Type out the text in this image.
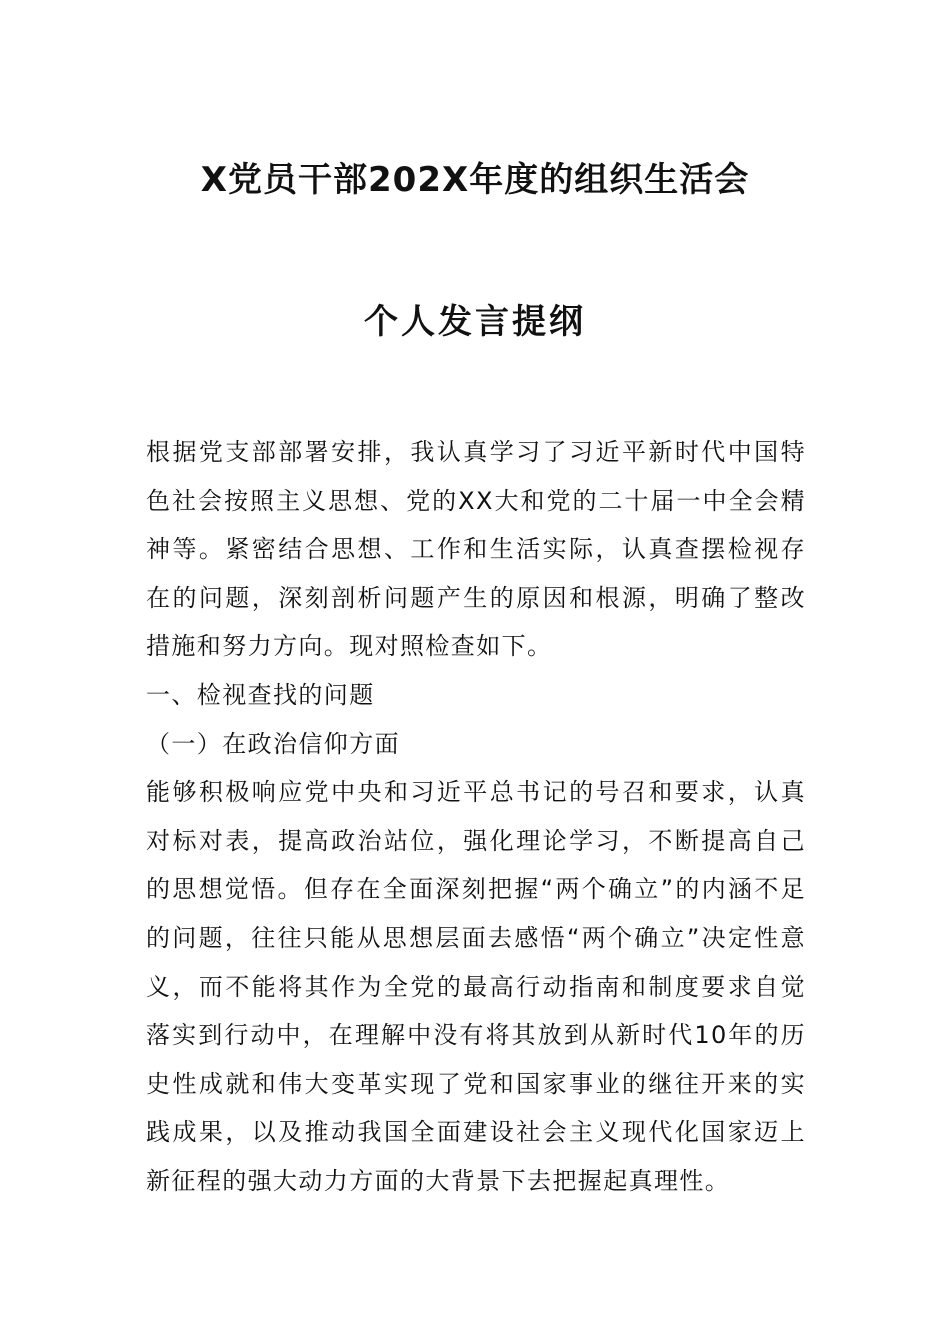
X党员干部202X年度的组织生活会
个人发言提纲

根据党支部部署安排，我认真学习了习近平新时代中国特色社会按照主义思想、党的XX大和党的二十届一中全会精神等。紧密结合思想、工作和生活实际，认真查摆检视存在的问题，深刻剖析问题产生的原因和根源，明确了整改措施和努力方向。现对照检查如下。

一、检视查找的问题

（一）在政治信仰方面

能够积极响应党中央和习近平总书记的号召和要求，认真对标对表，提高政治站位，强化理论学习，不断提高自己的思想觉悟。但存在全面深刻把握“两个确立”的内涵不足的问题，往往只能从思想层面去感悟“两个确立”决定性意义，而不能将其作为全党的最高行动指南和制度要求自觉落实到行动中，在理解中没有将其放到从新时代10年的历史性成就和伟大变革实现了党和国家事业的继往开来的实践成果，以及推动我国全面建设社会主义现代化国家迈上新征程的强大动力方面的大背景下去把握起真理性。
